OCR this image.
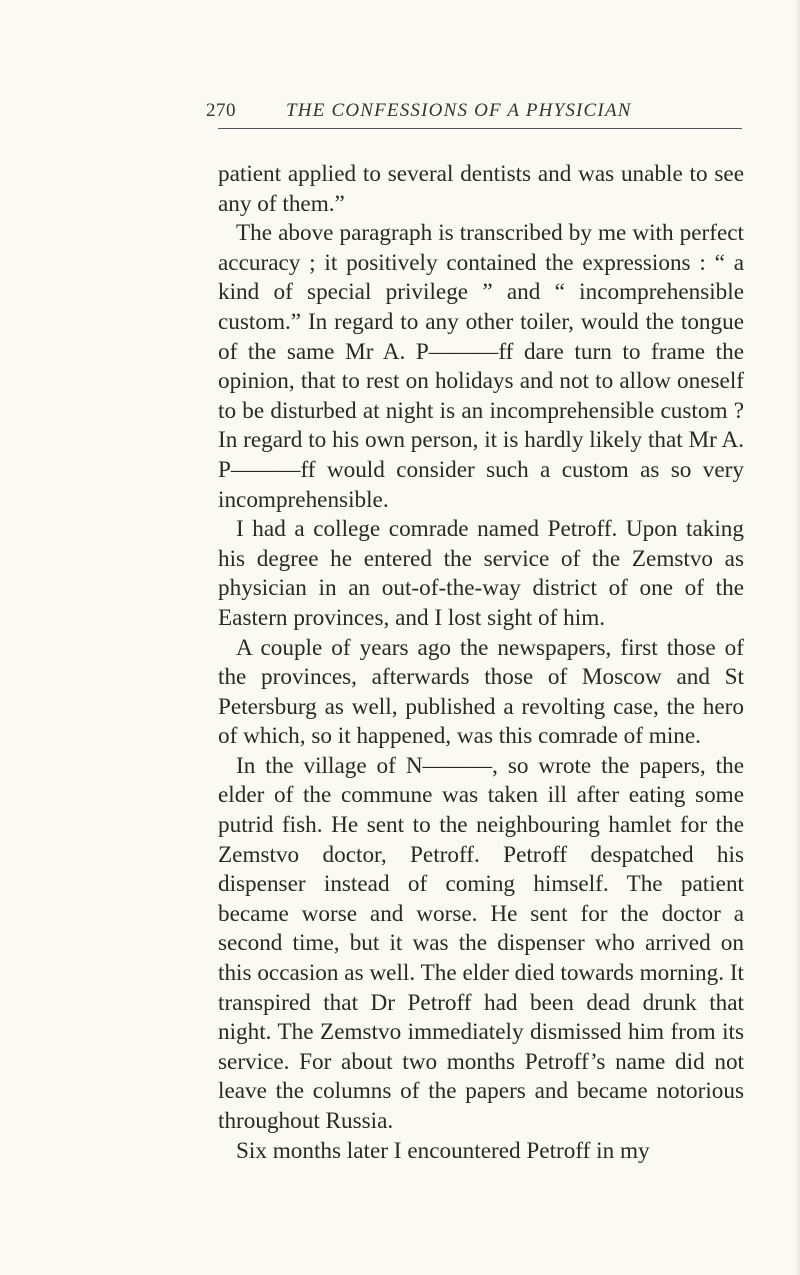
270	THE CONFESSIONS OF A PHYSICIAN

patient applied to several dentists and was unable to see any of them.”

The above paragraph is transcribed by me with perfect accuracy ; it positively contained the expressions : “ a kind of special privilege ” and “ incomprehensible custom.” In regard to any other toiler, would the tongue of the same Mr A. P———ff dare turn to frame the opinion, that to rest on holidays and not to allow oneself to be disturbed at night is an incomprehensible custom ? In regard to his own person, it is hardly likely that Mr A. P———ff would consider such a custom as so very incomprehensible.

I had a college comrade named Petroff. Upon taking his degree he entered the service of the Zemstvo as physician in an out-of-the-way district of one of the Eastern provinces, and I lost sight of him.

A couple of years ago the newspapers, first those of the provinces, afterwards those of Moscow and St Petersburg as well, published a revolting case, the hero of which, so it happened, was this comrade of mine.

In the village of N———, so wrote the papers, the elder of the commune was taken ill after eating some putrid fish. He sent to the neighbouring hamlet for the Zemstvo doctor, Petroff. Petroff despatched his dispenser instead of coming himself. The patient became worse and worse. He sent for the doctor a second time, but it was the dispenser who arrived on this occasion as well. The elder died towards morning. It transpired that Dr Petroff had been dead drunk that night. The Zemstvo immediately dismissed him from its service. For about two months Petroff’s name did not leave the columns of the papers and became notorious throughout Russia.

Six months later I encountered Petroff in my
